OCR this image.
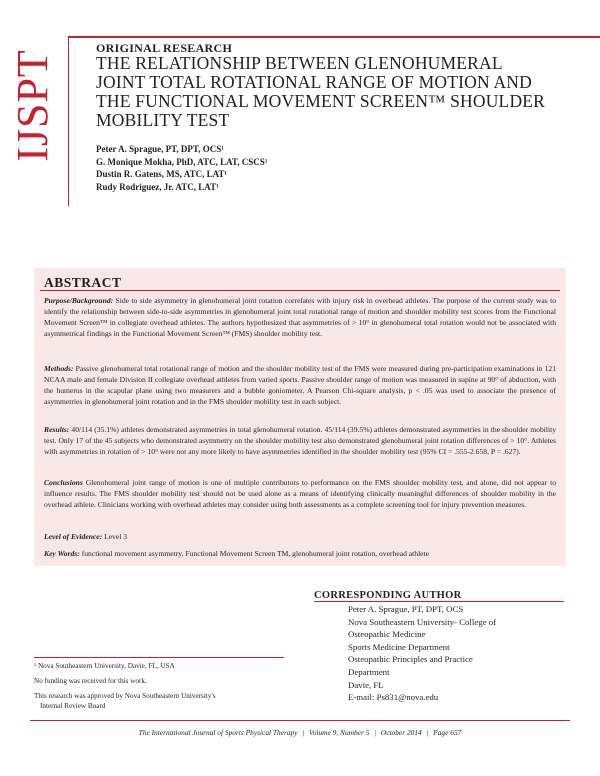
IJSPT
ORIGINAL RESEARCH
THE RELATIONSHIP BETWEEN GLENOHUMERAL
JOINT TOTAL ROTATIONAL RANGE OF MOTION AND
THE FUNCTIONAL MOVEMENT SCREEN™ SHOULDER
MOBILITY TEST
Peter A. Sprague, PT, DPT, OCS¹
G. Monique Mokha, PhD, ATC, LAT, CSCS¹
Dustin R. Gatens, MS, ATC, LAT¹
Rudy Rodriguez, Jr. ATC, LAT¹
ABSTRACT
Purpose/Background: Side to side asymmetry in glenohumeral joint rotation correlates with injury risk in overhead athletes. The purpose of the current study was to identify the relationship between side-to-side asymmetries in glenohumeral joint total rotational range of motion and shoulder mobility test scores from the Functional Movement Screen™ in collegiate overhead athletes. The authors hypothesized that asymmetries of > 10° in glenohumeral total rotation would not be associated with asymmetrical findings in the Functional Movement Screen™ (FMS) shoulder mobility test.
Methods: Passive glenohumeral total rotational range of motion and the shoulder mobility test of the FMS were measured during pre-participation examinations in 121 NCAA male and female Division II collegiate overhead athletes from varied sports. Passive shoulder range of motion was measured in supine at 90° of abduction, with the humerus in the scapular plane using two measurers and a bubble goniometer. A Pearson Chi-square analysis, p < .05 was used to associate the presence of asymmetries in glenohumeral joint rotation and in the FMS shoulder mobility test in each subject.
Results: 40/114 (35.1%) athletes demonstrated asymmetries in total glenohumeral rotation. 45/114 (39.5%) athletes demonstrated asymmetries in the shoulder mobility test. Only 17 of the 45 subjects who demonstrated asymmetry on the shoulder mobility test also demonstrated glenohumeral joint rotation differences of > 10°. Athletes with asymmetries in rotation of > 10° were not any more likely to have asymmetries identified in the shoulder mobility test (95% CI = .555-2.658, P = .627).
Conclusions Glenohumeral joint range of motion is one of multiple contributors to performance on the FMS shoulder mobility test, and alone, did not appear to influence results. The FMS shoulder mobility test should not be used alone as a means of identifying clinically meaningful differences of shoulder mobility in the overhead athlete. Clinicians working with overhead athletes may consider using both assessments as a complete screening tool for injury prevention measures.
Level of Evidence: Level 3
Key Words: functional movement asymmetry, Functional Movement Screen TM, glenohumeral joint rotation, overhead athlete
CORRESPONDING AUTHOR
Peter A. Sprague, PT, DPT, OCS
Nova Southeastern University- College of
Osteopathic Medicine
Sports Medicine Department
Osteopathic Principles and Practice
Department
Davie, FL
E-mail: Ps831@nova.edu
¹ Nova Southeastern University, Davie, FL, USA
No funding was received for this work.
This research was approved by Nova Southeastern University's
Internal Review Board
The International Journal of Sports Physical Therapy | Volume 9, Number 5 | October 2014 | Page 657
